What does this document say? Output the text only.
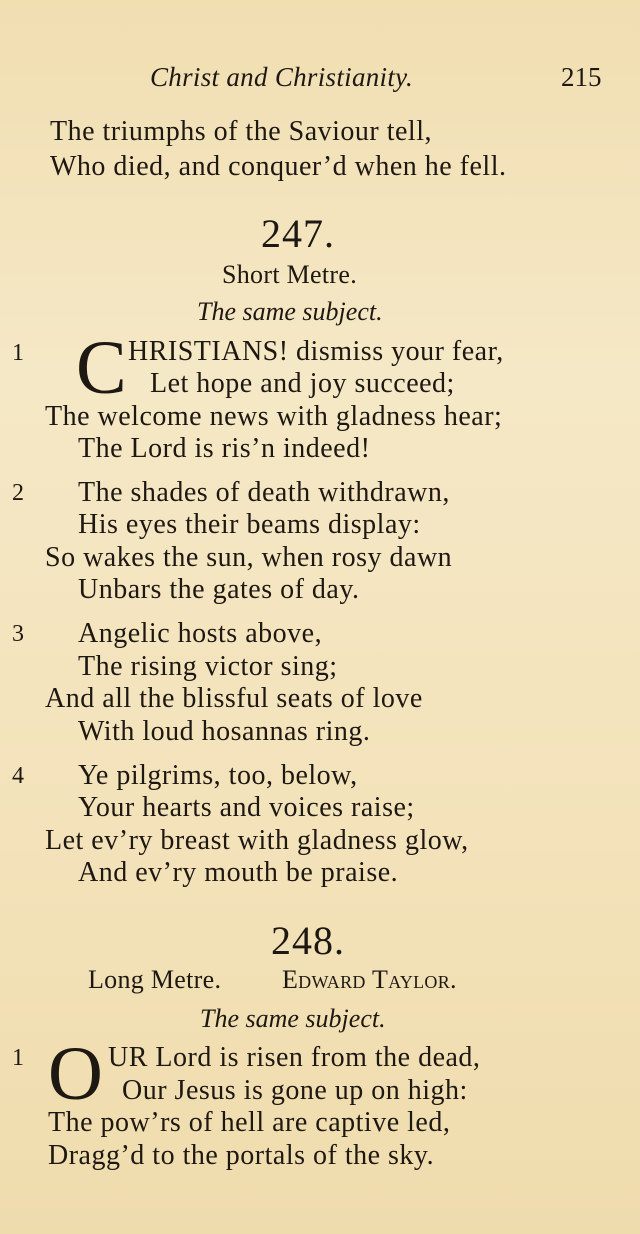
Christ and Christianity.	215
The triumphs of the Saviour tell,
Who died, and conquer’d when he fell.
247.
Short Metre.
The same subject.
1 C HRISTIANS! dismiss your fear,
Let hope and joy succeed;
The welcome news with gladness hear;
The Lord is ris’n indeed!
2 The shades of death withdrawn,
His eyes their beams display:
So wakes the sun, when rosy dawn
Unbars the gates of day.
3 Angelic hosts above,
The rising victor sing;
And all the blissful seats of love
With loud hosannas ring.
4 Ye pilgrims, too, below,
Your hearts and voices raise;
Let ev’ry breast with gladness glow,
And ev’ry mouth be praise.
248.
Long Metre. Edward Taylor.
The same subject.
1 O UR Lord is risen from the dead,
Our Jesus is gone up on high:
The pow’rs of hell are captive led,
Dragg’d to the portals of the sky.
